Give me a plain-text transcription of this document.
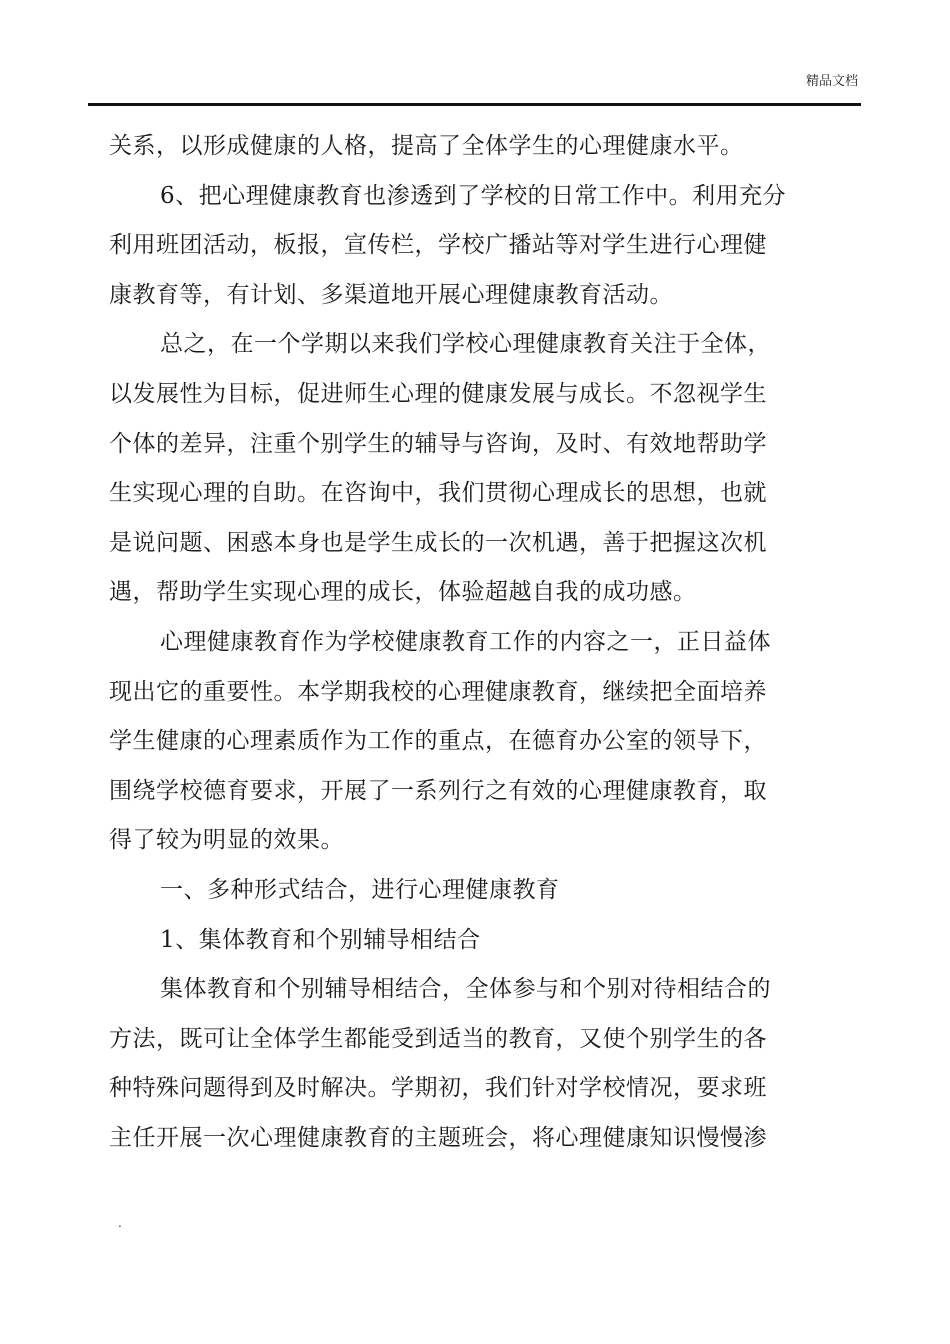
精品文档
关系，以形成健康的人格，提高了全体学生的心理健康水平。
6、把心理健康教育也渗透到了学校的日常工作中。利用充分
利用班团活动，板报，宣传栏，学校广播站等对学生进行心理健
康教育等，有计划、多渠道地开展心理健康教育活动。
总之，在一个学期以来我们学校心理健康教育关注于全体，
以发展性为目标，促进师生心理的健康发展与成长。不忽视学生
个体的差异，注重个别学生的辅导与咨询，及时、有效地帮助学
生实现心理的自助。在咨询中，我们贯彻心理成长的思想，也就
是说问题、困惑本身也是学生成长的一次机遇，善于把握这次机
遇，帮助学生实现心理的成长，体验超越自我的成功感。
心理健康教育作为学校健康教育工作的内容之一，正日益体
现出它的重要性。本学期我校的心理健康教育，继续把全面培养
学生健康的心理素质作为工作的重点，在德育办公室的领导下，
围绕学校德育要求，开展了一系列行之有效的心理健康教育，取
得了较为明显的效果。
一、多种形式结合，进行心理健康教育
1、集体教育和个别辅导相结合
集体教育和个别辅导相结合，全体参与和个别对待相结合的
方法，既可让全体学生都能受到适当的教育，又使个别学生的各
种特殊问题得到及时解决。学期初，我们针对学校情况，要求班
主任开展一次心理健康教育的主题班会，将心理健康知识慢慢渗
.
